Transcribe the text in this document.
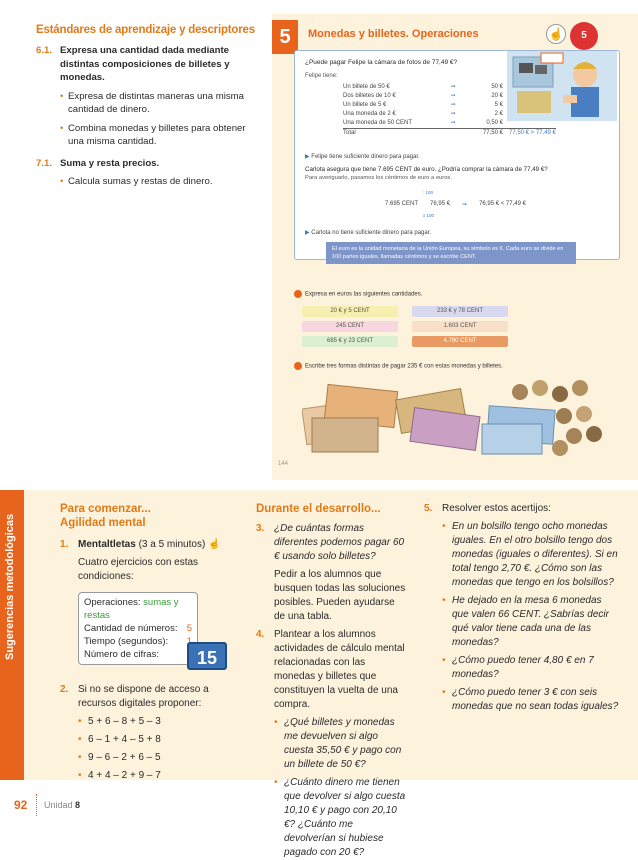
Estándares de aprendizaje y descriptores
6.1. Expresa una cantidad dada mediante distintas composiciones de billetes y monedas.
• Expresa de distintas maneras una misma cantidad de dinero.
• Combina monedas y billetes para obtener una misma cantidad.
7.1. Suma y resta precios.
• Calcula sumas y restas de dinero.
5	Monedas y billetes. Operaciones	☝	5
¿Puede pagar Felipe la cámara de fotos de 77,49 €?
Felipe tiene:
Un billete de 50 €	➞	50 €
Dos billetes de 10 €	➞	20 €
Un billete de 5 €	➞	5 €
Una moneda de 2 €	➞	2 €
Una moneda de 50 CENT	➞	0,50 €
Total	77,50 € 77,50 € > 77,49 €
▶ Felipe tiene suficiente dinero para pagar.
Carlota asegura que tiene 7.695 CENT de euro. ¿Podría comprar la cámara de 77,49 €?
Para averiguarlo, pasamos los céntimos de euro a euros.
: 100
7.695 CENT 76,95 € ➞ 76,95 € < 77,49 €
x 100
▶ Carlota no tiene suficiente dinero para pagar.
El euro es la unidad monetaria de la Unión Europea, su símbolo es €. Cada euro se divide en 100 partes iguales, llamadas céntimos y se escribe CENT.
Expresa en euros las siguientes cantidades.
20 € y 5 CENT	233 € y 78 CENT
245 CENT	1.603 CENT
685 € y 23 CENT	4.760 CENT
Escribe tres formas distintas de pagar 235 € con estas monedas y billetes.
144
Sugerencias metodológicas
Para comenzar...
Agilidad mental
1. Mentaltletas (3 a 5 minutos) ☝
Cuatro ejercicios con estas condiciones:
Operaciones: sumas y restas
Cantidad de números: 5
Tiempo (segundos):
Número de cifras:	15
2. Si no se dispone de acceso a recursos digitales proponer:
• 5 + 6 – 8 + 5 – 3
• 6 – 1 + 4 – 5 + 8
• 9 – 6 – 2 + 6 – 5
• 4 + 4 – 2 + 9 – 7
Durante el desarrollo...
3. ¿De cuántas formas diferentes podemos pagar 60 € usando solo billetes?
Pedir a los alumnos que busquen todas las soluciones posibles. Pueden ayudarse de una tabla.
4. Plantear a los alumnos actividades de cálculo mental relacionadas con las monedas y billetes que constituyen la vuelta de una compra.
• ¿Qué billetes y monedas me devuelven si algo cuesta 35,50 € y pago con un billete de 50 €?
• ¿Cuánto dinero me tienen que devolver si algo cuesta 10,10 € y pago con 20,10 €? ¿Cuánto me devolverían si hubiese pagado con 20 €?
5. Resolver estos acertijos:
• En un bolsillo tengo ocho monedas iguales. En el otro bolsillo tengo dos monedas (iguales o diferentes). Si en total tengo 2,70 €. ¿Cómo son las monedas que tengo en los bolsillos?
• He dejado en la mesa 6 monedas que valen 66 CENT. ¿Sabrías decir qué valor tiene cada una de las monedas?
• ¿Cómo puedo tener 4,80 € en 7 monedas?
• ¿Cómo puedo tener 3 € con seis monedas que no sean todas iguales?
92 Unidad 8
